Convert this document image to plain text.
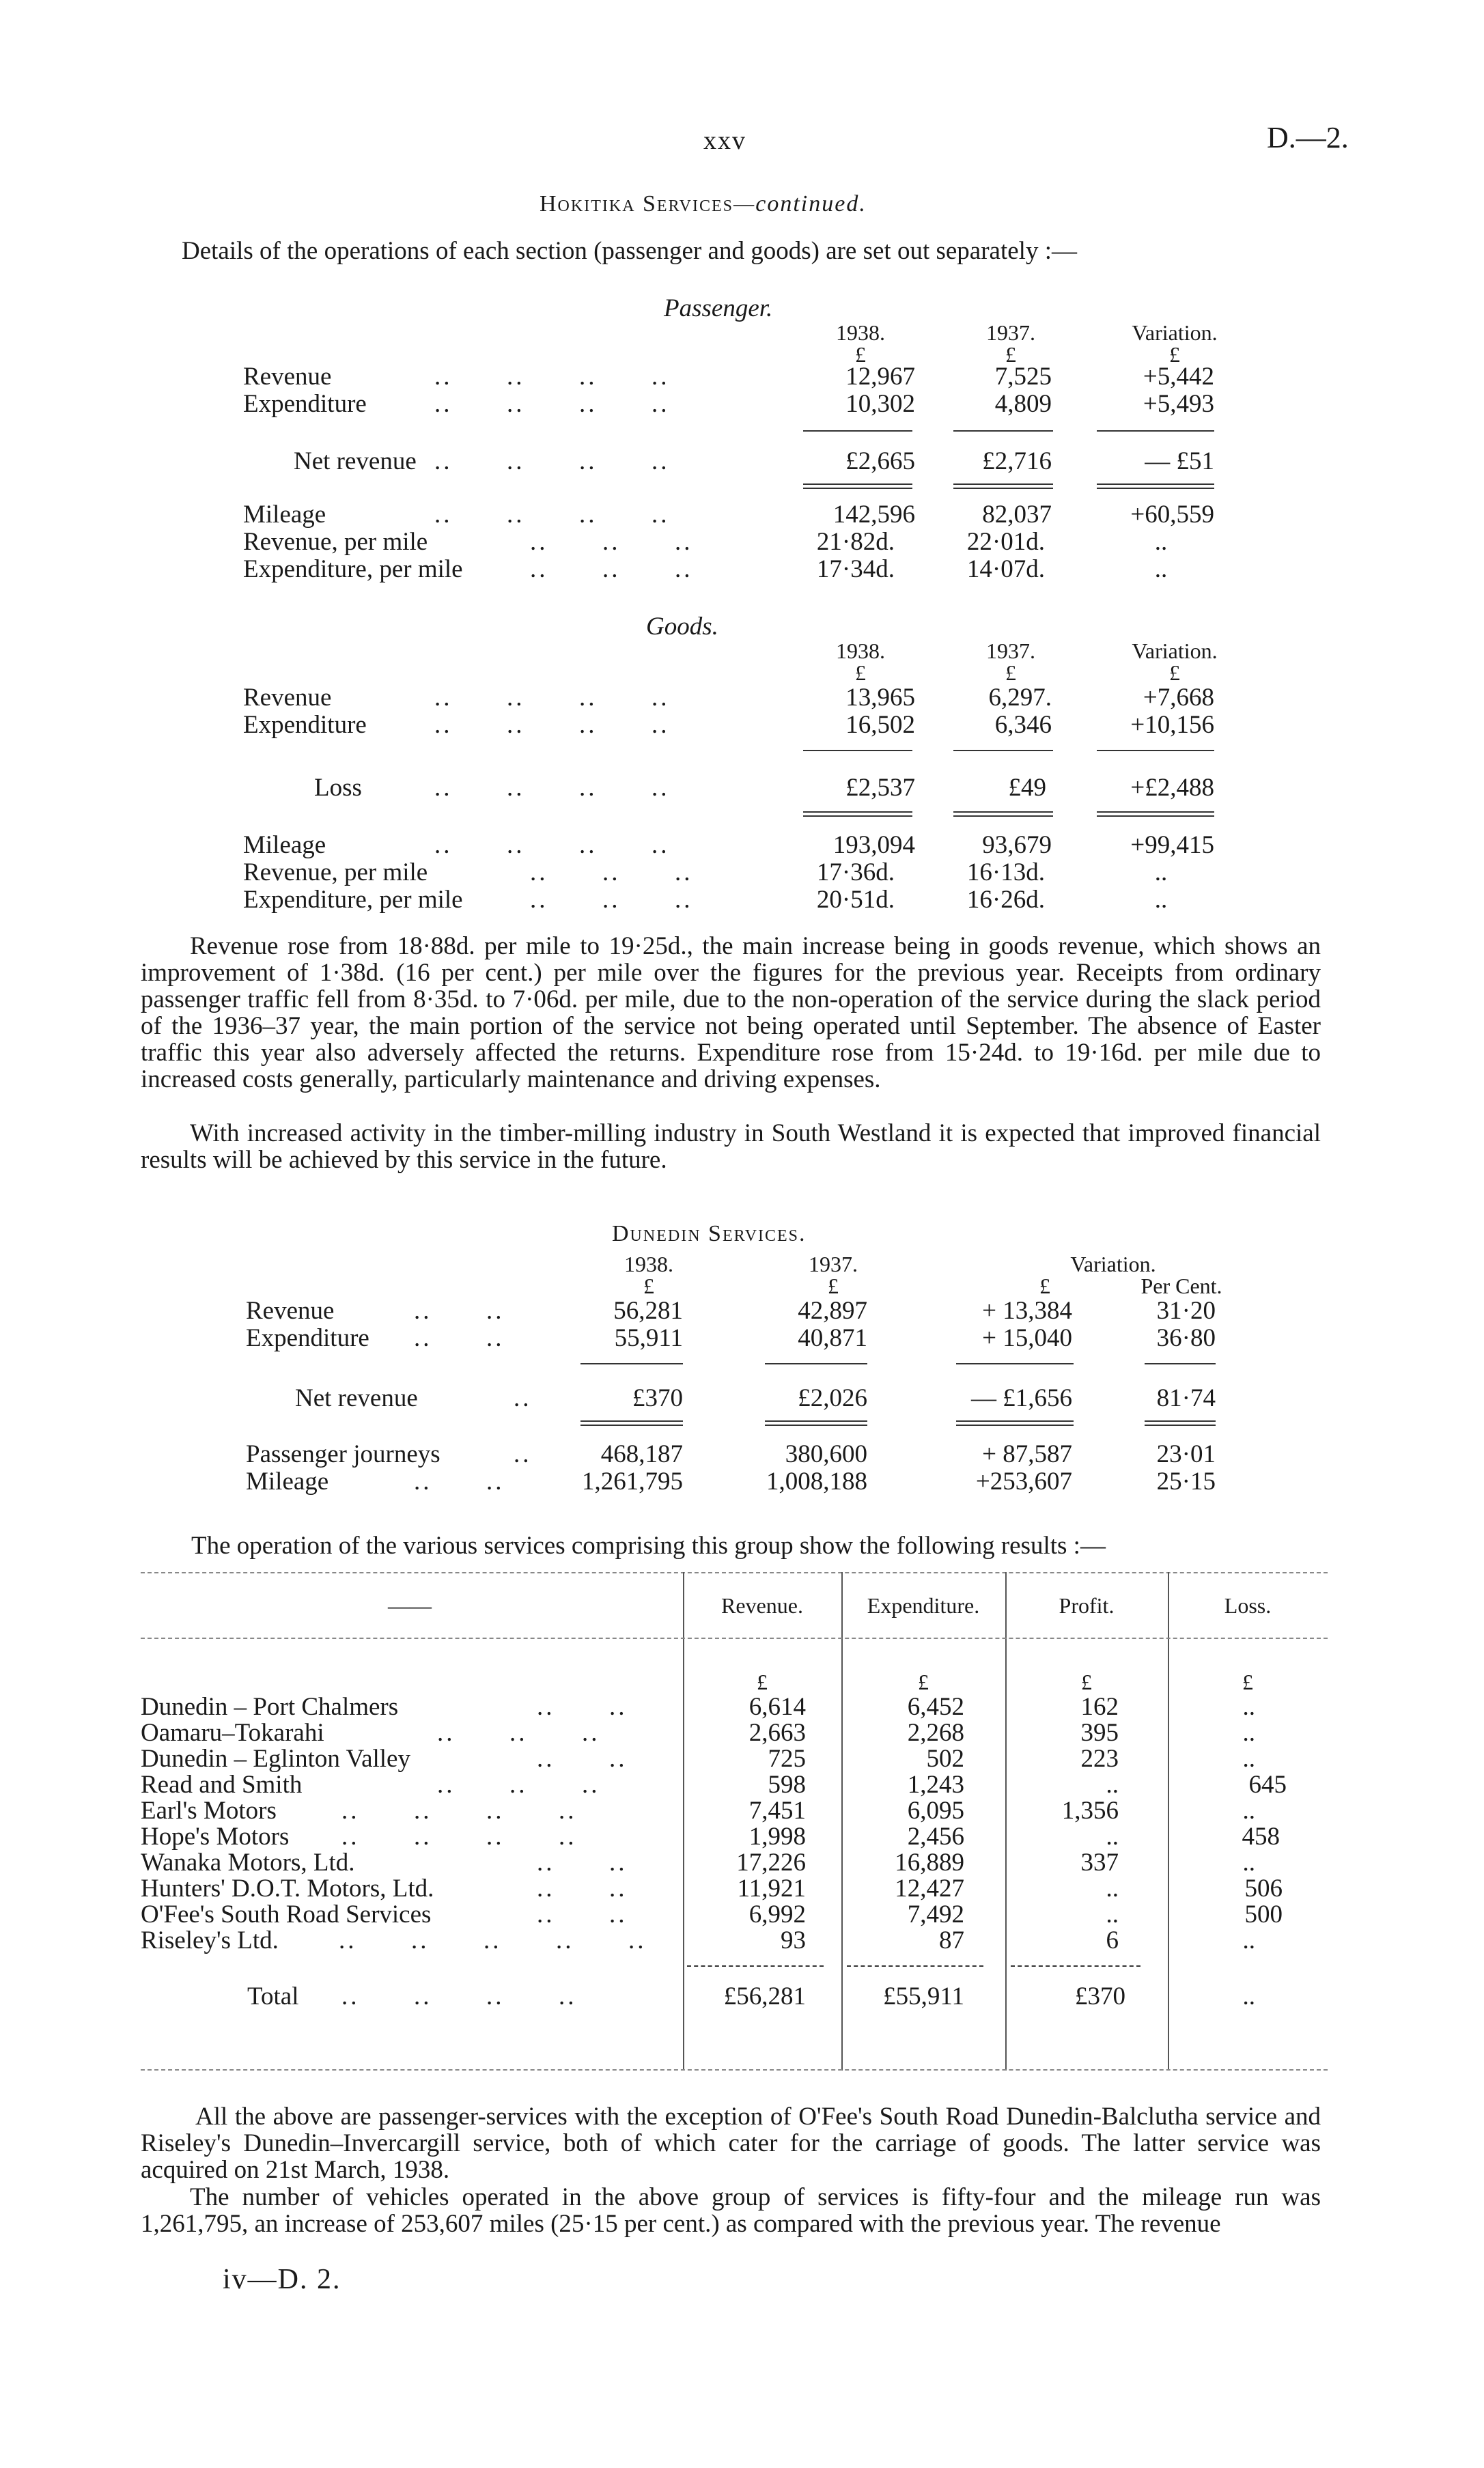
xxv	D.—2.
Hokitika Services—continued.
Details of the operations of each section (passenger and goods) are set out separately :—
Passenger.
1938.	1937.	Variation.
£	£	£
Revenue	..      ..      ..      ..	12,967	7,525	+5,442
Expenditure	..      ..      ..      ..	10,302	4,809	+5,493
Net revenue ..      ..      ..      ..	£2,665	£2,716	— £51
Mileage	..      ..      ..      ..	142,596	82,037	+60,559
Revenue, per mile	..      ..      ..	21·82d.	22·01d.	..
Expenditure, per mile	..      ..      ..	17·34d.	14·07d.	..
Goods.
1938.	1937.	Variation.
£	£	£
Revenue	..      ..      ..      ..	13,965	6,297.	+7,668
Expenditure	..      ..      ..      ..	16,502	6,346	+10,156
Loss	..      ..      ..      ..	£2,537	£49	+£2,488
Mileage	..      ..      ..      ..	193,094	93,679	+99,415
Revenue, per mile	..      ..      ..	17·36d.	16·13d.	..
Expenditure, per mile	..      ..      ..	20·51d.	16·26d.	..
Revenue rose from 18·88d. per mile to 19·25d., the main increase being in goods revenue, which shows an improvement of 1·38d. (16 per cent.) per mile over the figures for the previous year. Receipts from ordinary passenger traffic fell from 8·35d. to 7·06d. per mile, due to the non-operation of the service during the slack period of the 1936–37 year, the main portion of the service not being operated until September. The absence of Easter traffic this year also adversely affected the returns. Expenditure rose from 15·24d. to 19·16d. per mile due to increased costs generally, particularly maintenance and driving expenses.
With increased activity in the timber-milling industry in South Westland it is expected that improved financial results will be achieved by this service in the future.
Dunedin Services.
1938.	1937.	Variation.
£	£	£	Per Cent.
Revenue	..      ..	56,281	42,897	+ 13,384	31·20
Expenditure ..      ..	55,911	40,871	+ 15,040	36·80
Net revenue	..	£370	£2,026	— £1,656	81·74
Passenger journeys	..	468,187	380,600	+ 87,587	23·01
Mileage	..      ..	1,261,795	1,008,188	+253,607	25·15
The operation of the various services comprising this group show the following results :—
——	Revenue.	Expenditure.	Profit.	Loss.
£	£	£	£
Dunedin – Port Chalmers	..      ..	6,614	6,452	162	..
Oamaru–Tokarahi	..      ..      ..	2,663	2,268	395	..
Dunedin – Eglinton Valley	..      ..	725	502	223	..
Read and Smith	..      ..      ..	598	1,243	..	645
Earl's Motors	..      ..      ..      ..	7,451	6,095	1,356	..
Hope's Motors ..      ..      ..      ..	1,998	2,456	..	458
Wanaka Motors, Ltd.	..      ..	17,226	16,889	337	..
Hunters' D.O.T. Motors, Ltd.	..      ..	11,921	12,427	..	506
O'Fee's South Road Services	..      ..	6,992	7,492	..	500
Riseley's Ltd. ..      ..      ..      ..      ..	93	87	6	..
Total ..      ..      ..      ..	£56,281	£55,911	£370	..
All the above are passenger-services with the exception of O'Fee's South Road Dunedin-Balclutha service and Riseley's Dunedin–Invercargill service, both of which cater for the carriage of goods. The latter service was acquired on 21st March, 1938.
The number of vehicles operated in the above group of services is fifty-four and the mileage run was 1,261,795, an increase of 253,607 miles (25·15 per cent.) as compared with the previous year. The revenue
iv—D. 2.
